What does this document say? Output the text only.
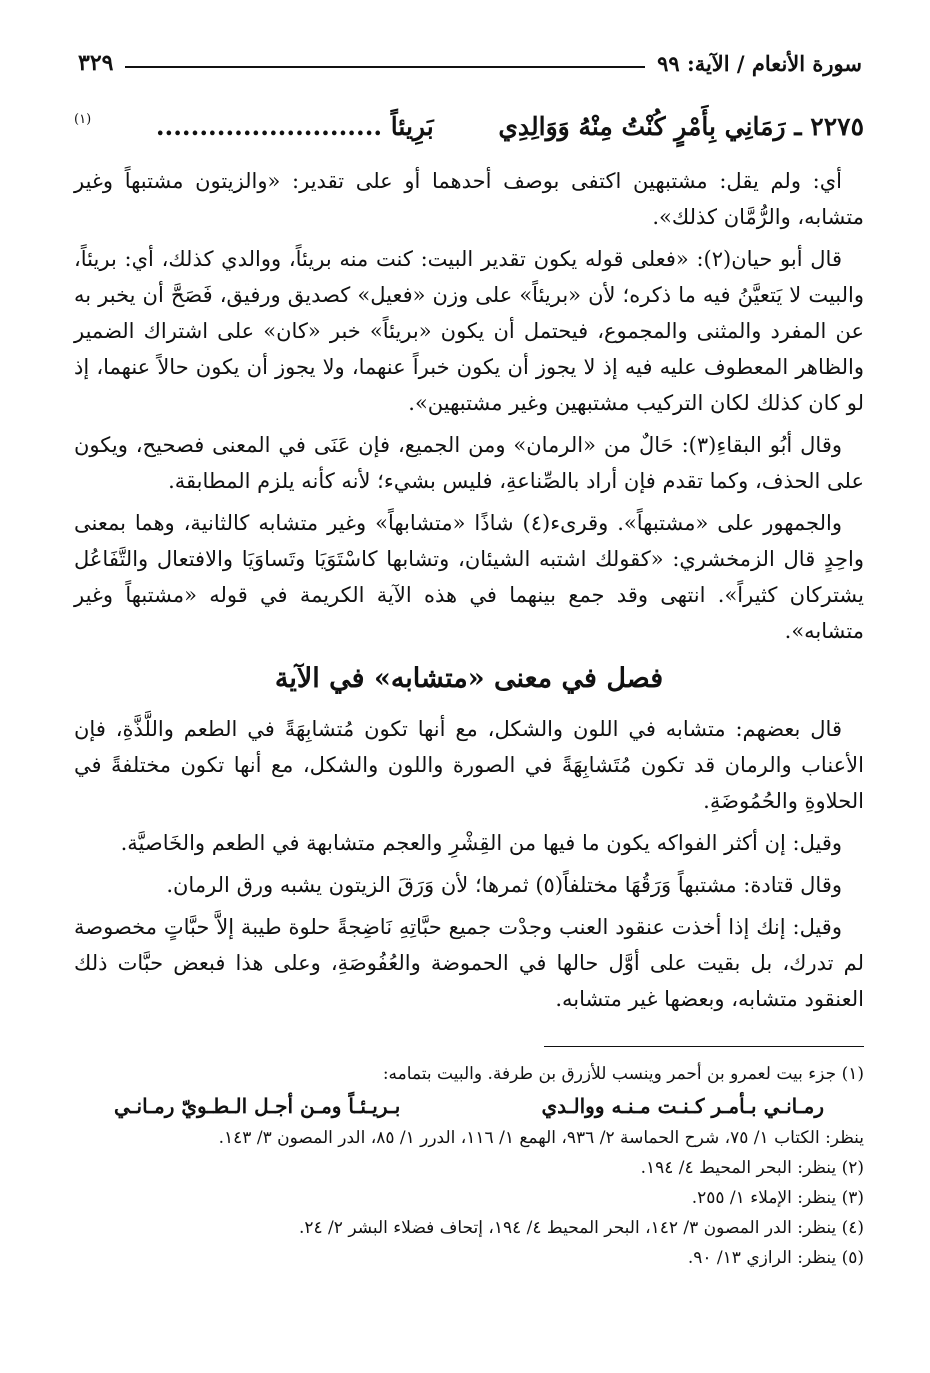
سورة الأنعام / الآية: ٩٩
٣٢٩
٢٢٧٥ ـ رَمَانِي بِأَمْرٍ كُنْتُ مِنْهُ وَوَالِدِي
بَرِيئاً ..........................
(١)

أي: ولم يقل: مشتبهين اكتفى بوصف أحدهما أو على تقدير: «والزيتون مشتبهاً وغير متشابه، والرُّمَّان كذلك».

قال أبو حيان(٢): «فعلى قوله يكون تقدير البيت: كنت منه بريئاً، ووالدي كذلك، أي: بريئاً، والبيت لا يَتعيَّنُ فيه ما ذكره؛ لأن «بريئاً» على وزن «فعيل» كصديق ورفيق، فَصَحَّ أن يخبر به عن المفرد والمثنى والمجموع، فيحتمل أن يكون «بريئاً» خبر «كان» على اشتراك الضمير والظاهر المعطوف عليه فيه إذ لا يجوز أن يكون خبراً عنهما، ولا يجوز أن يكون حالاً عنهما، إذ لو كان كذلك لكان التركيب مشتبهين وغير مشتبهين».

وقال أبُو البقاءِ(٣): حَالٌ من «الرمان» ومن الجميع، فإن عَنَى في المعنى فصحيح، ويكون على الحذف، وكما تقدم فإن أراد بالصِّناعةِ، فليس بشيء؛ لأنه كأنه يلزم المطابقة.

والجمهور على «مشتبهاً». وقرىء(٤) شاذًا «متشابهاً» وغير متشابه كالثانية، وهما بمعنى واحِدٍ قال الزمخشري: «كقولك اشتبه الشيئان، وتشابها كاسْتَوَيَا وتَساوَيَا والافتعال والتَّفَاعُل يشتركان كثيراً». انتهى وقد جمع بينهما في هذه الآية الكريمة في قوله «مشتبهاً وغير متشابه».

فصل في معنى «متشابه» في الآية

قال بعضهم: متشابه في اللون والشكل، مع أنها تكون مُتشابِهَةً في الطعم واللَّذَّةِ، فإن الأعناب والرمان قد تكون مُتَشابِهَةً في الصورة واللون والشكل، مع أنها تكون مختلفةً في الحلاوةِ والحُمُوضَةِ.

وقيل: إن أكثر الفواكه يكون ما فيها من القِشْرِ والعجم متشابهة في الطعم والخَاصيَّة.

وقال قتادة: مشتبهاً وَرَقُهَا مختلفاً(٥) ثمرها؛ لأن وَرَقَ الزيتون يشبه ورق الرمان.

وقيل: إنك إذا أخذت عنقود العنب وجدْت جميع حبَّاتِهِ نَاضِجةً حلوة طيبة إلاَّ حبَّاتٍ مخصوصة لم تدرك، بل بقيت على أوَّل حالها في الحموضة والعُفُوصَةِ، وعلى هذا فبعض حبَّات ذلك العنقود متشابه، وبعضها غير متشابه.

(١) جزء بيت لعمرو بن أحمر وينسب للأزرق بن طرفة. والبيت بتمامه:

رمـانـي بـأمـر كـنـت مـنـه ووالـدي
بـريـئـاً ومـن أجـل الـطـويّ رمـانـي

ينظر: الكتاب ١/ ٧٥، شرح الحماسة ٢/ ٩٣٦، الهمع ١/ ١١٦، الدرر ١/ ٨٥، الدر المصون ٣/ ١٤٣.

(٢) ينظر: البحر المحيط ٤/ ١٩٤.

(٣) ينظر: الإملاء ١/ ٢٥٥.

(٤) ينظر: الدر المصون ٣/ ١٤٢، البحر المحيط ٤/ ١٩٤، إتحاف فضلاء البشر ٢/ ٢٤.

(٥) ينظر: الرازي ١٣/ ٩٠.
